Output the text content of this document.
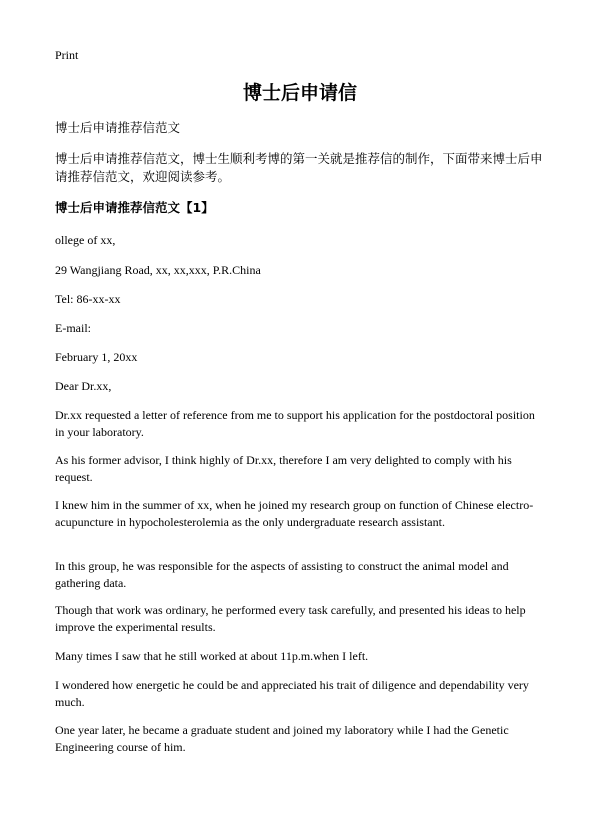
Print
博士后申请信

博士后申请推荐信范文

博士后申请推荐信范文，博士生顺利考博的第一关就是推荐信的制作，下面带来博士后申请推荐信范文，欢迎阅读参考。

博士后申请推荐信范文【1】

ollege of xx,

29 Wangjiang Road, xx, xx,xxx, P.R.China

Tel: 86-xx-xx

E-mail:

February 1, 20xx

Dear Dr.xx,

Dr.xx requested a letter of reference from me to support his application for the postdoctoral position in your laboratory.

As his former advisor, I think highly of Dr.xx, therefore I am very delighted to comply with his request.

I knew him in the summer of xx, when he joined my research group on function of Chinese electro-acupuncture in hypocholesterolemia as the only undergraduate research assistant.

In this group, he was responsible for the aspects of assisting to construct the animal model and gathering data.

Though that work was ordinary, he performed every task carefully, and presented his ideas to help improve the experimental results.

Many times I saw that he still worked at about 11p.m.when I left.

I wondered how energetic he could be and appreciated his trait of diligence and dependability very much.

One year later, he became a graduate student and joined my laboratory while I had the Genetic Engineering course of him.
